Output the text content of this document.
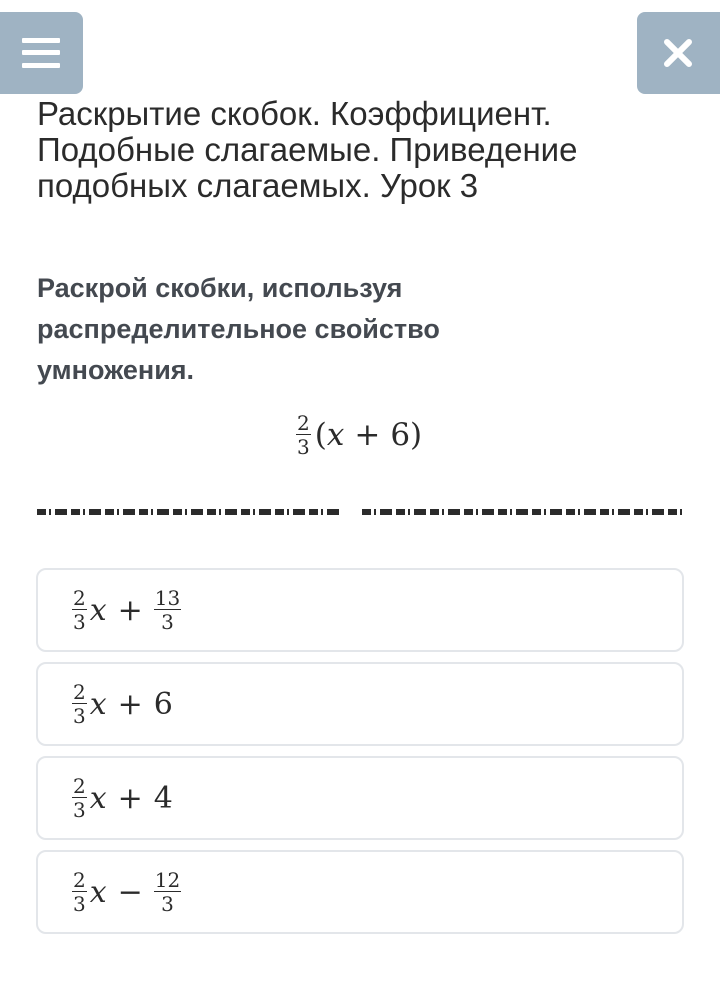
Раскрытие скобок. Коэффициент.
Подобные слагаемые. Приведение
подобных слагаемых. Урок 3

Раскрой скобки, используя
распределительное свойство
умножения.

$\frac{2}{3}$ ( x + 6 )
$\frac{2}{3}$ $x + \frac{13}{3}$
$\frac{2}{3}$ x + 6
$\frac{2}{3}$ x + 4
$\frac{2}{3}$ $x - \frac{12}{3}$
